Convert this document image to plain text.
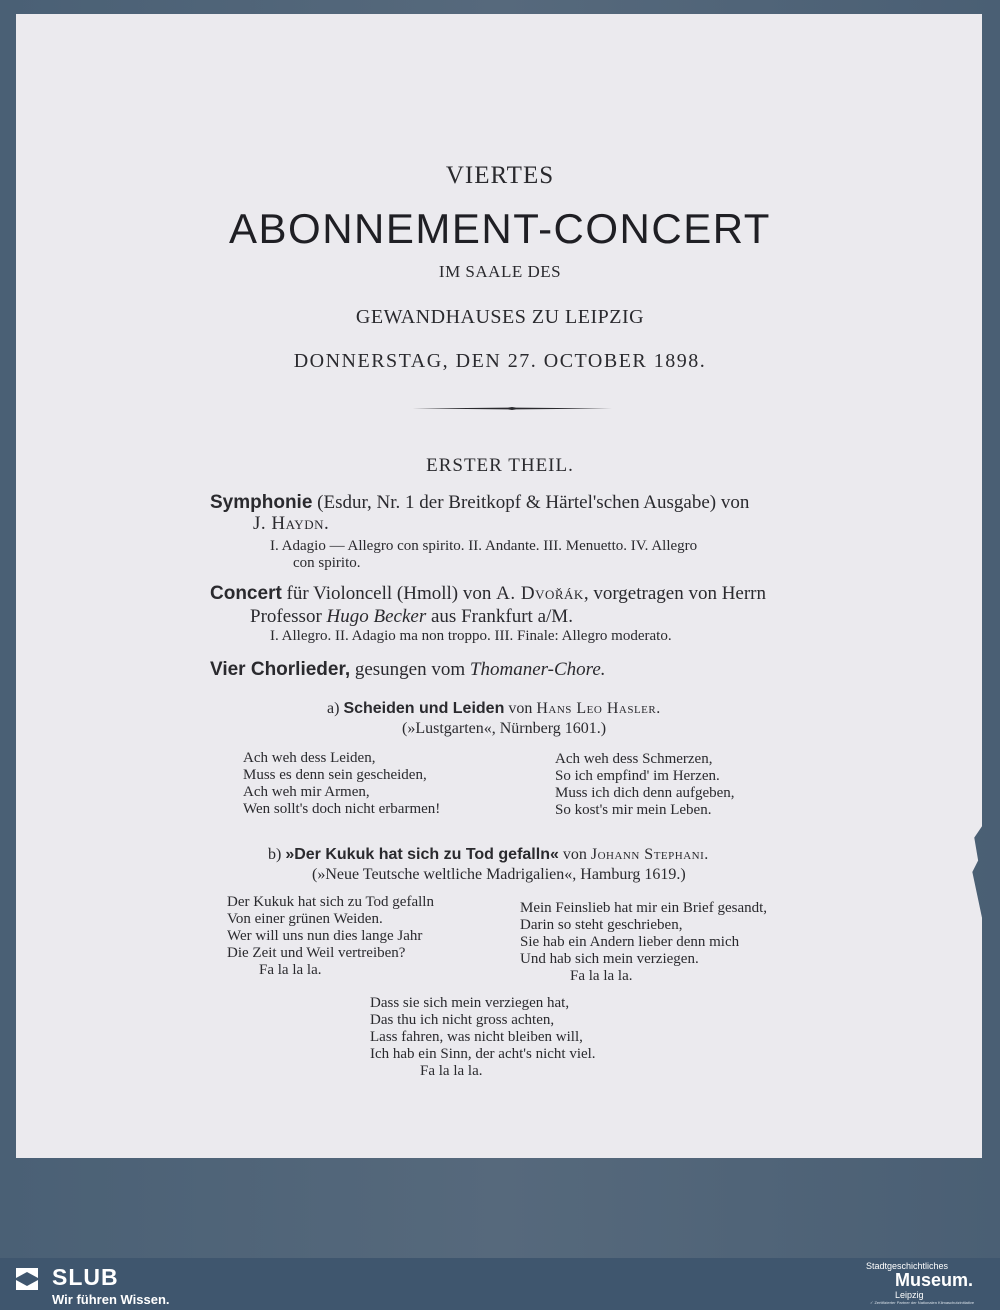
VIERTES
ABONNEMENT-CONCERT
IM SAALE DES
GEWANDHAUSES ZU LEIPZIG
DONNERSTAG, DEN 27. OCTOBER 1898.
ERSTER THEIL.
Symphonie (Esdur, Nr. 1 der Breitkopf & Härtel'schen Ausgabe) von
J. Haydn.
I. Adagio — Allegro con spirito. II. Andante. III. Menuetto. IV. Allegro
con spirito.
Concert für Violoncell (Hmoll) von A. Dvořák, vorgetragen von Herrn
Professor Hugo Becker aus Frankfurt a/M.
I. Allegro. II. Adagio ma non troppo. III. Finale: Allegro moderato.
Vier Chorlieder, gesungen vom Thomaner-Chore.
a) Scheiden und Leiden von Hans Leo Hasler.
(»Lustgarten«, Nürnberg 1601.)
Ach weh dess Leiden,
Muss es denn sein gescheiden,
Ach weh mir Armen,
Wen sollt's doch nicht erbarmen!
Ach weh dess Schmerzen,
So ich empfind' im Herzen.
Muss ich dich denn aufgeben,
So kost's mir mein Leben.
b) »Der Kukuk hat sich zu Tod gefalln« von Johann Stephani.
(»Neue Teutsche weltliche Madrigalien«, Hamburg 1619.)
Der Kukuk hat sich zu Tod gefalln
Von einer grünen Weiden.
Wer will uns nun dies lange Jahr
Die Zeit und Weil vertreiben?
Fa la la la.
Mein Feinslieb hat mir ein Brief gesandt,
Darin so steht geschrieben,
Sie hab ein Andern lieber denn mich
Und hab sich mein verziegen.
Fa la la la.
Dass sie sich mein verziegen hat,
Das thu ich nicht gross achten,
Lass fahren, was nicht bleiben will,
Ich hab ein Sinn, der acht's nicht viel.
Fa la la la.
SLUB
Wir führen Wissen.
Stadtgeschichtliches
Museum.
Leipzig
✓ Zertifizierter Partner der Nationalen Klimaschutzinitiative
